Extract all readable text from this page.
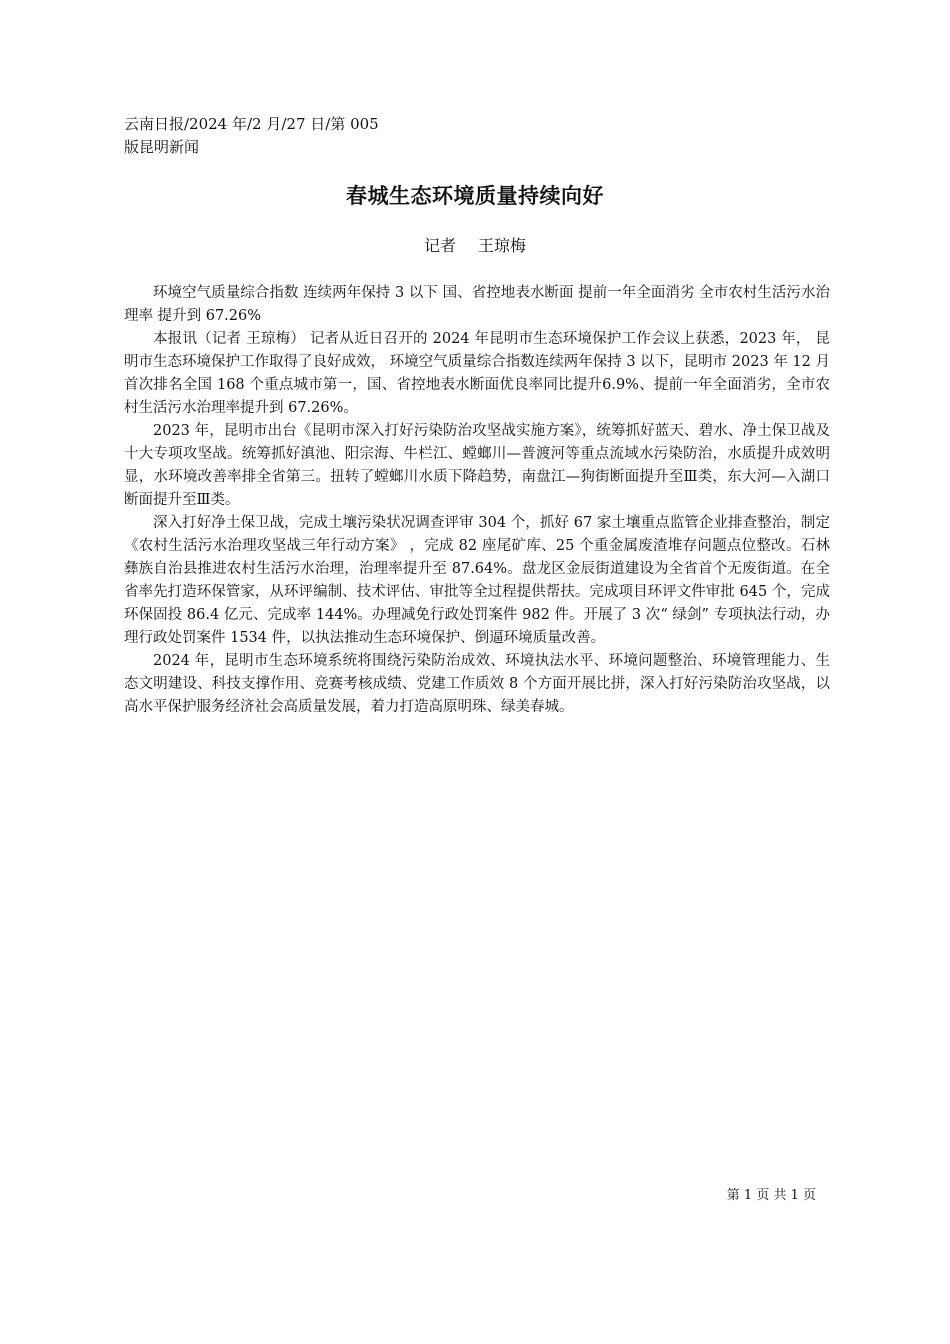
云南日报/2024 年/2 月/27 日/第 005
版昆明新闻
春城生态环境质量持续向好
记者 王琼梅

环境空气质量综合指数 连续两年保持 3 以下 国、省控地表水断面 提前一年全面消劣 全市农村生活污水治理率 提升到 67.26%

本报讯（记者 王琼梅） 记者从近日召开的 2024 年昆明市生态环境保护工作会议上获悉，2023 年， 昆明市生态环境保护工作取得了良好成效， 环境空气质量综合指数连续两年保持 3 以下，昆明市 2023 年 12 月首次排名全国 168 个重点城市第一，国、省控地表水断面优良率同比提升6.9%、提前一年全面消劣，全市农村生活污水治理率提升到 67.26%。

2023 年，昆明市出台《昆明市深入打好污染防治攻坚战实施方案》，统筹抓好蓝天、碧水、净土保卫战及十大专项攻坚战。统筹抓好滇池、阳宗海、牛栏江、螳螂川—普渡河等重点流域水污染防治，水质提升成效明显，水环境改善率排全省第三。扭转了螳螂川水质下降趋势，南盘江—狗街断面提升至Ⅲ类，东大河—入湖口断面提升至Ⅲ类。

深入打好净土保卫战，完成土壤污染状况调查评审 304 个，抓好 67 家土壤重点监管企业排查整治，制定《农村生活污水治理攻坚战三年行动方案》 ，完成 82 座尾矿库、25 个重金属废渣堆存问题点位整改。石林彝族自治县推进农村生活污水治理，治理率提升至 87.64%。盘龙区金辰街道建设为全省首个无废街道。在全省率先打造环保管家，从环评编制、技术评估、审批等全过程提供帮扶。完成项目环评文件审批 645 个，完成环保固投 86.4 亿元、完成率 144%。办理减免行政处罚案件 982 件。开展了 3 次“ 绿剑” 专项执法行动，办理行政处罚案件 1534 件，以执法推动生态环境保护、倒逼环境质量改善。

2024 年，昆明市生态环境系统将围绕污染防治成效、环境执法水平、环境问题整治、环境管理能力、生态文明建设、科技支撑作用、竞赛考核成绩、党建工作质效 8 个方面开展比拼，深入打好污染防治攻坚战，以高水平保护服务经济社会高质量发展，着力打造高原明珠、绿美春城。

第 1 页 共 1 页
